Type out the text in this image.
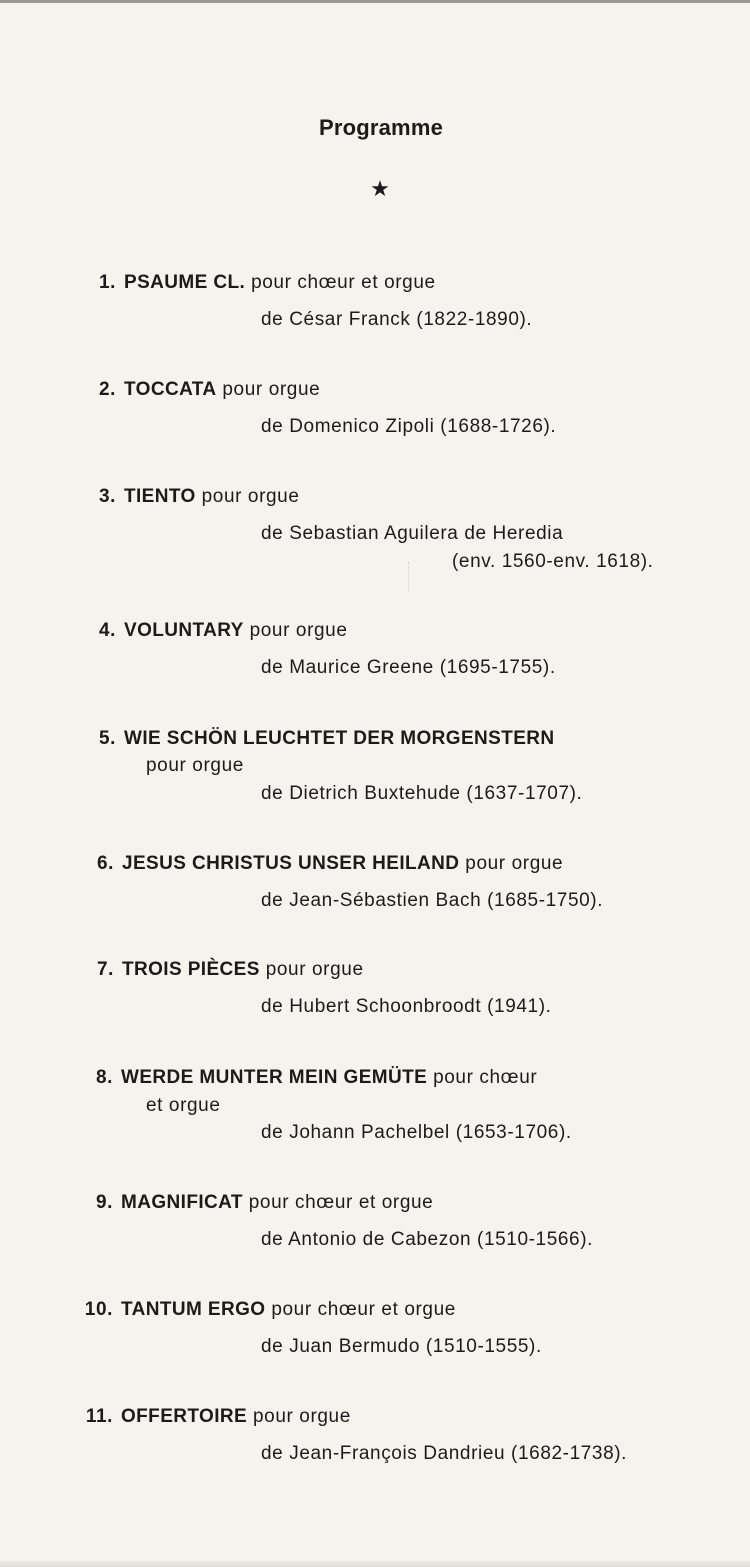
Programme
★
1. PSAUME CL. pour chœur et orgue
de César Franck (1822-1890).
2. TOCCATA pour orgue
de Domenico Zipoli (1688-1726).
3. TIENTO pour orgue
de Sebastian Aguilera de Heredia
(env. 1560-env. 1618).
4. VOLUNTARY pour orgue
de Maurice Greene (1695-1755).
5. WIE SCHÖN LEUCHTET DER MORGENSTERN
pour orgue
de Dietrich Buxtehude (1637-1707).
6. JESUS CHRISTUS UNSER HEILAND pour orgue
de Jean-Sébastien Bach (1685-1750).
7. TROIS PIÈCES pour orgue
de Hubert Schoonbroodt (1941).
8. WERDE MUNTER MEIN GEMÜTE pour chœur
et orgue
de Johann Pachelbel (1653-1706).
9. MAGNIFICAT pour chœur et orgue
de Antonio de Cabezon (1510-1566).
10. TANTUM ERGO pour chœur et orgue
de Juan Bermudo (1510-1555).
11. OFFERTOIRE pour orgue
de Jean-François Dandrieu (1682-1738).
